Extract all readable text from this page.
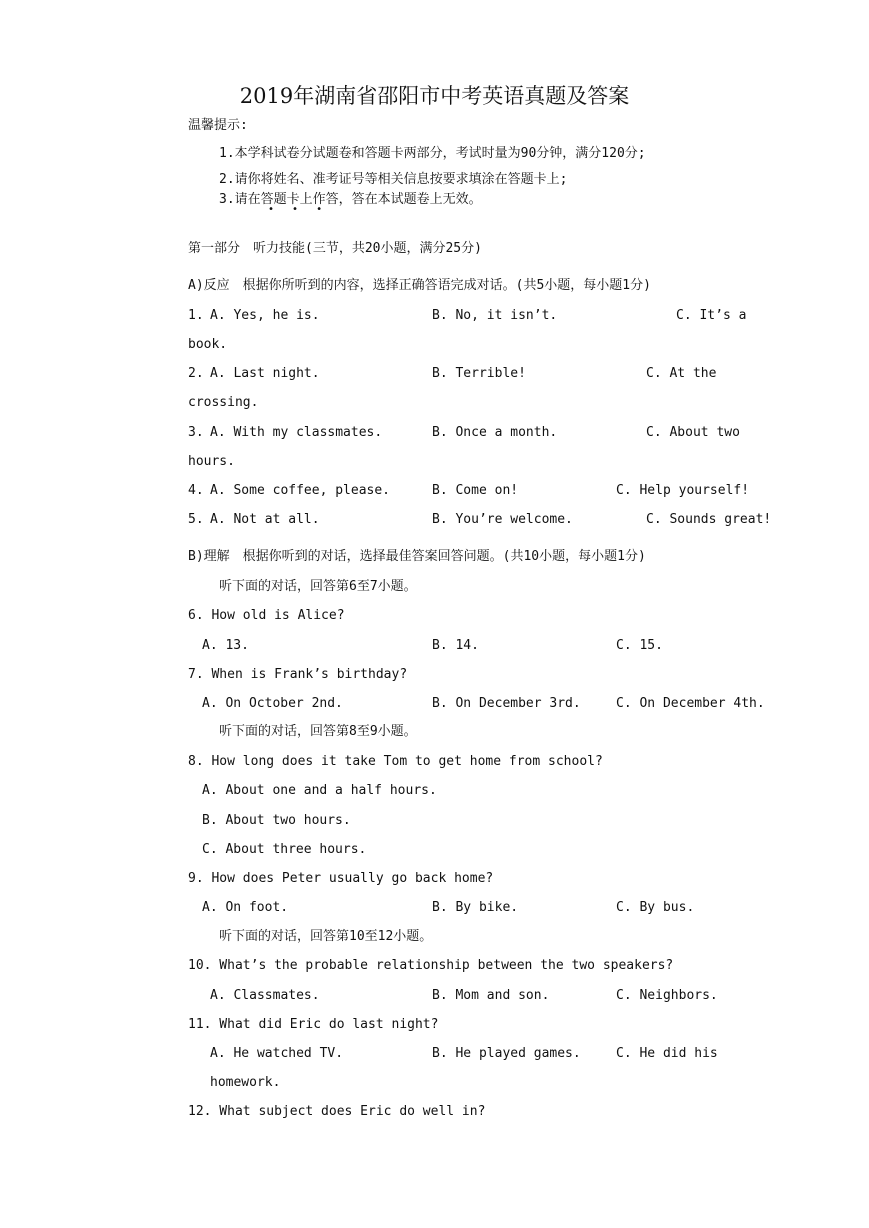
2019年湖南省邵阳市中考英语真题及答案
温馨提示:
1.本学科试卷分试题卷和答题卡两部分，考试时量为90分钟，满分120分;
2.请你将姓名、准考证号等相关信息按要求填涂在答题卡上;
3.请在答题卡上作答，答在本试题卷上无效。
• • •
第一部分　听力技能(三节，共20小题，满分25分)
A)反应　根据你所听到的内容，选择正确答语完成对话。(共5小题，每小题1分)
1. A. Yes, he is.	B. No, it isn’t.	C. It’s a
book.
2. A. Last night.	B. Terrible!	C. At the
crossing.
3. A. With my classmates.	B. Once a month.	C. About two
hours.
4. A. Some coffee, please.	B. Come on!	C. Help yourself!
5. A. Not at all.	B. You’re welcome.	C. Sounds great!
B)理解　根据你听到的对话，选择最佳答案回答问题。(共10小题，每小题1分)
听下面的对话，回答第6至7小题。
6. How old is Alice?
A. 13.	B. 14.	C. 15.
7. When is Frank’s birthday?
A. On October 2nd.	B. On December 3rd.	C. On December 4th.
听下面的对话，回答第8至9小题。
8. How long does it take Tom to get home from school?
A. About one and a half hours.
B. About two hours.
C. About three hours.
9. How does Peter usually go back home?
A. On foot.	B. By bike.	C. By bus.
听下面的对话，回答第10至12小题。
10. What’s the probable relationship between the two speakers?
A. Classmates.	B. Mom and son.	C. Neighbors.
11. What did Eric do last night?
A. He watched TV.	B. He played games.	C. He did his
homework.
12. What subject does Eric do well in?
